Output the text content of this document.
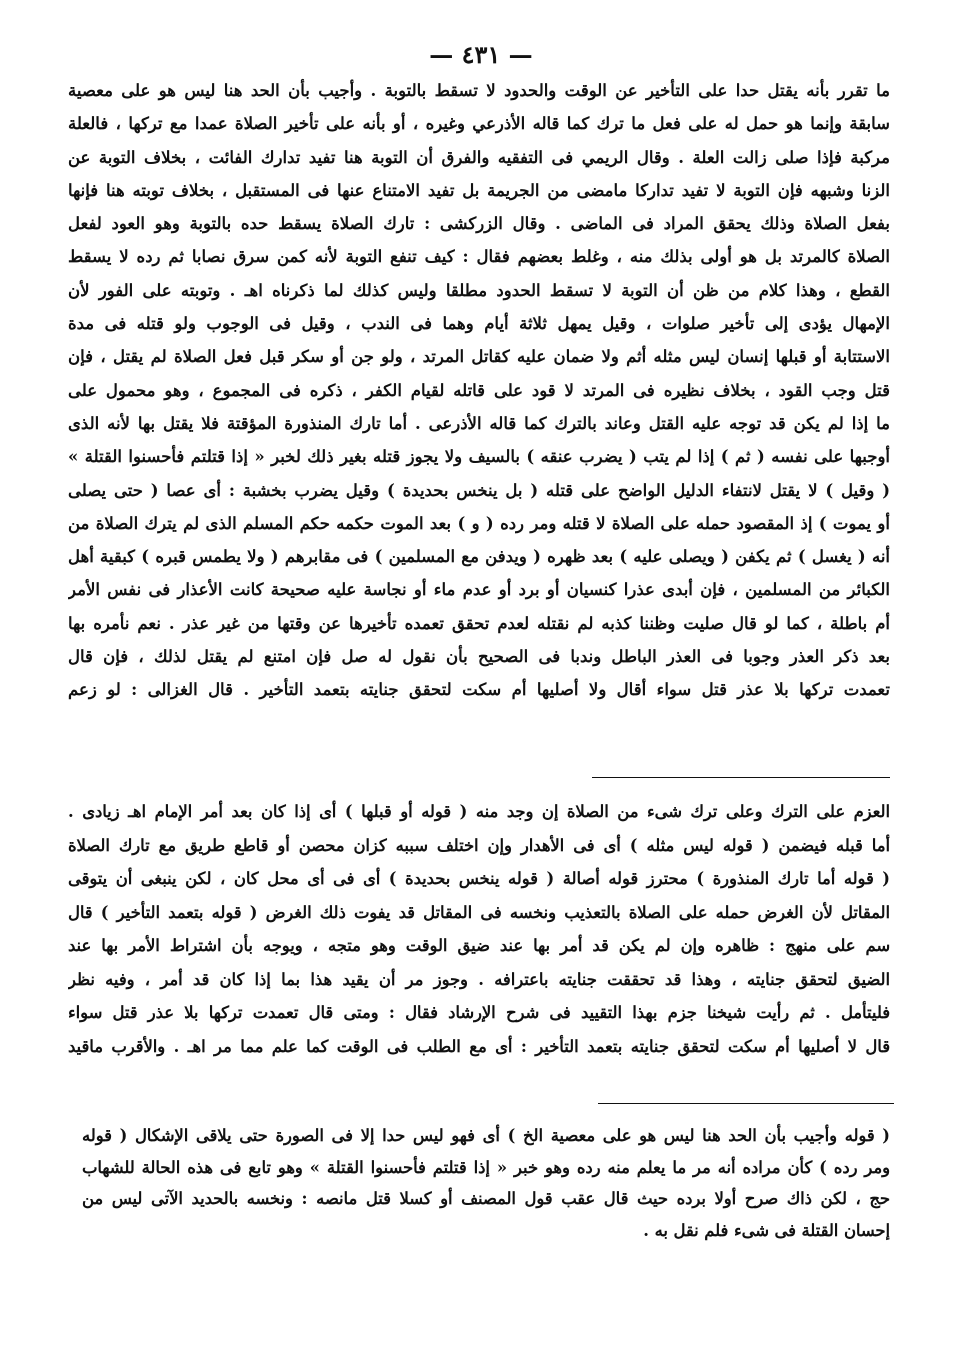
— ٤٣١ —
ما تقرر بأنه يقتل حدا على التأخير عن الوقت والحدود لا تسقط بالتوبة . وأجيب بأن الحد هنا ليس هو على معصية
سابقة وإنما هو حمل له على فعل ما ترك كما قاله الأذرعي وغيره ، أو بأنه على تأخير الصلاة عمدا مع تركها ، فالعلة
مركبة فإذا صلى زالت العلة . وقال الريمي فى التفقيه والفرق أن التوبة هنا تفيد تدارك الفائت ، بخلاف التوبة عن
الزنا وشبهه فإن التوبة لا تفيد تداركا مامضى من الجريمة بل تفيد الامتناع عنها فى المستقبل ، بخلاف توبته هنا فإنها
بفعل الصلاة وذلك يحقق المراد فى الماضى . وقال الزركشى : تارك الصلاة يسقط حده بالتوبة وهو العود لفعل
الصلاة كالمرتد بل هو أولى بذلك منه ، وغلط بعضهم فقال : كيف تنفع التوبة لأنه كمن سرق نصابا ثم رده لا يسقط
القطع ، وهذا كلام من ظن أن التوبة لا تسقط الحدود مطلقا وليس كذلك لما ذكرناه اهـ . وتوبته على الفور لأن
الإمهال يؤدى إلى تأخير صلوات ، وقيل يمهل ثلاثة أيام وهما فى الندب ، وقيل فى الوجوب ولو قتله فى مدة
الاستتابة أو قبلها إنسان ليس مثله أثم ولا ضمان عليه كقاتل المرتد ، ولو جن أو سكر قبل فعل الصلاة لم يقتل ، فإن
قتل وجب القود ، بخلاف نظيره فى المرتد لا قود على قاتله لقيام الكفر ، ذكره فى المجموع ، وهو محمول على
ما إذا لم يكن قد توجه عليه القتل وعاند بالترك كما قاله الأذرعى . أما تارك المنذورة المؤقتة فلا يقتل بها لأنه الذى
أوجبها على نفسه ( ثم ) إذا لم يتب ( يضرب عنقه ) بالسيف ولا يجوز قتله بغير ذلك لخبر « إذا قتلتم فأحسنوا القتلة »
( وقيل ) لا يقتل لانتفاء الدليل الواضح على قتله ( بل ينخس بحديدة ) وقيل يضرب بخشبة : أى عصا ( حتى يصلى
أو يموت ) إذ المقصود حمله على الصلاة لا قتله ومر رده ( و ) بعد الموت حكمه حكم المسلم الذى لم يترك الصلاة من
أنه ( يغسل ) ثم يكفن ( ويصلى عليه ) بعد ظهره ( ويدفن مع المسلمين ) فى مقابرهم ( ولا يطمس قبره ) كبقية أهل
الكبائر من المسلمين ، فإن أبدى عذرا كنسيان أو برد أو عدم ماء أو نجاسة عليه صحيحة كانت الأعذار فى نفس الأمر
أم باطلة ، كما لو قال صليت وظننا كذبه لم نقتله لعدم تحقق تعمده تأخيرها عن وقتها من غير عذر . نعم نأمره بها
بعد ذكر العذر وجوبا فى العذر الباطل وندبا فى الصحيح بأن نقول له صل فإن امتنع لم يقتل لذلك ، فإن قال
تعمدت تركها بلا عذر قتل سواء أقال ولا أصليها أم سكت لتحقق جنايته بتعمد التأخير . قال الغزالى : لو زعم
العزم على الترك وعلى ترك شىء من الصلاة إن وجد منه ( قوله أو قبلها ) أى إذا كان بعد أمر الإمام اهـ زيادى .
أما قبله فيضمن ( قوله ليس مثله ) أى فى الأهدار وإن اختلف سببه كزان محصن أو قاطع طريق مع تارك الصلاة
( قوله أما تارك المنذورة ) محترز قوله أصالة ( قوله ينخس بحديدة ) أى فى أى محل كان ، لكن ينبغى أن يتوقى
المقاتل لأن الغرض حمله على الصلاة بالتعذيب ونخسه فى المقاتل قد يفوت ذلك الغرض ( قوله بتعمد التأخير ) قال
سم على منهج : ظاهره وإن لم يكن قد أمر بها عند ضيق الوقت وهو متجه ، ويوجه بأن اشتراط الأمر بها عند
الضيق لتحقق جنايته ، وهذا قد تحققت جنايته باعترافه . وجوز مر أن يقيد هذا بما إذا كان قد أمر ، وفيه نظر
فليتأمل . ثم رأيت شيخنا جزم بهذا التقييد فى شرح الإرشاد فقال : ومتى قال تعمدت تركها بلا عذر قتل سواء
قال لا أصليها أم سكت لتحقق جنايته بتعمد التأخير : أى مع الطلب فى الوقت كما علم مما مر اهـ . والأقرب ماقيد
( قوله وأجيب بأن الحد هنا ليس هو على معصية الخ ) أى فهو ليس حدا إلا فى الصورة حتى يلاقى الإشكال ( قوله
ومر رده ) كأن مراده أنه مر ما يعلم منه رده وهو خبر « إذا قتلتم فأحسنوا القتلة » وهو تابع فى هذه الحالة للشهاب
حج ، لكن ذاك صرح أولا برده حيث قال عقب قول المصنف أو كسلا قتل مانصه : ونخسه بالحديد الآتى ليس من
إحسان القتلة فى شىء فلم نقل به .
